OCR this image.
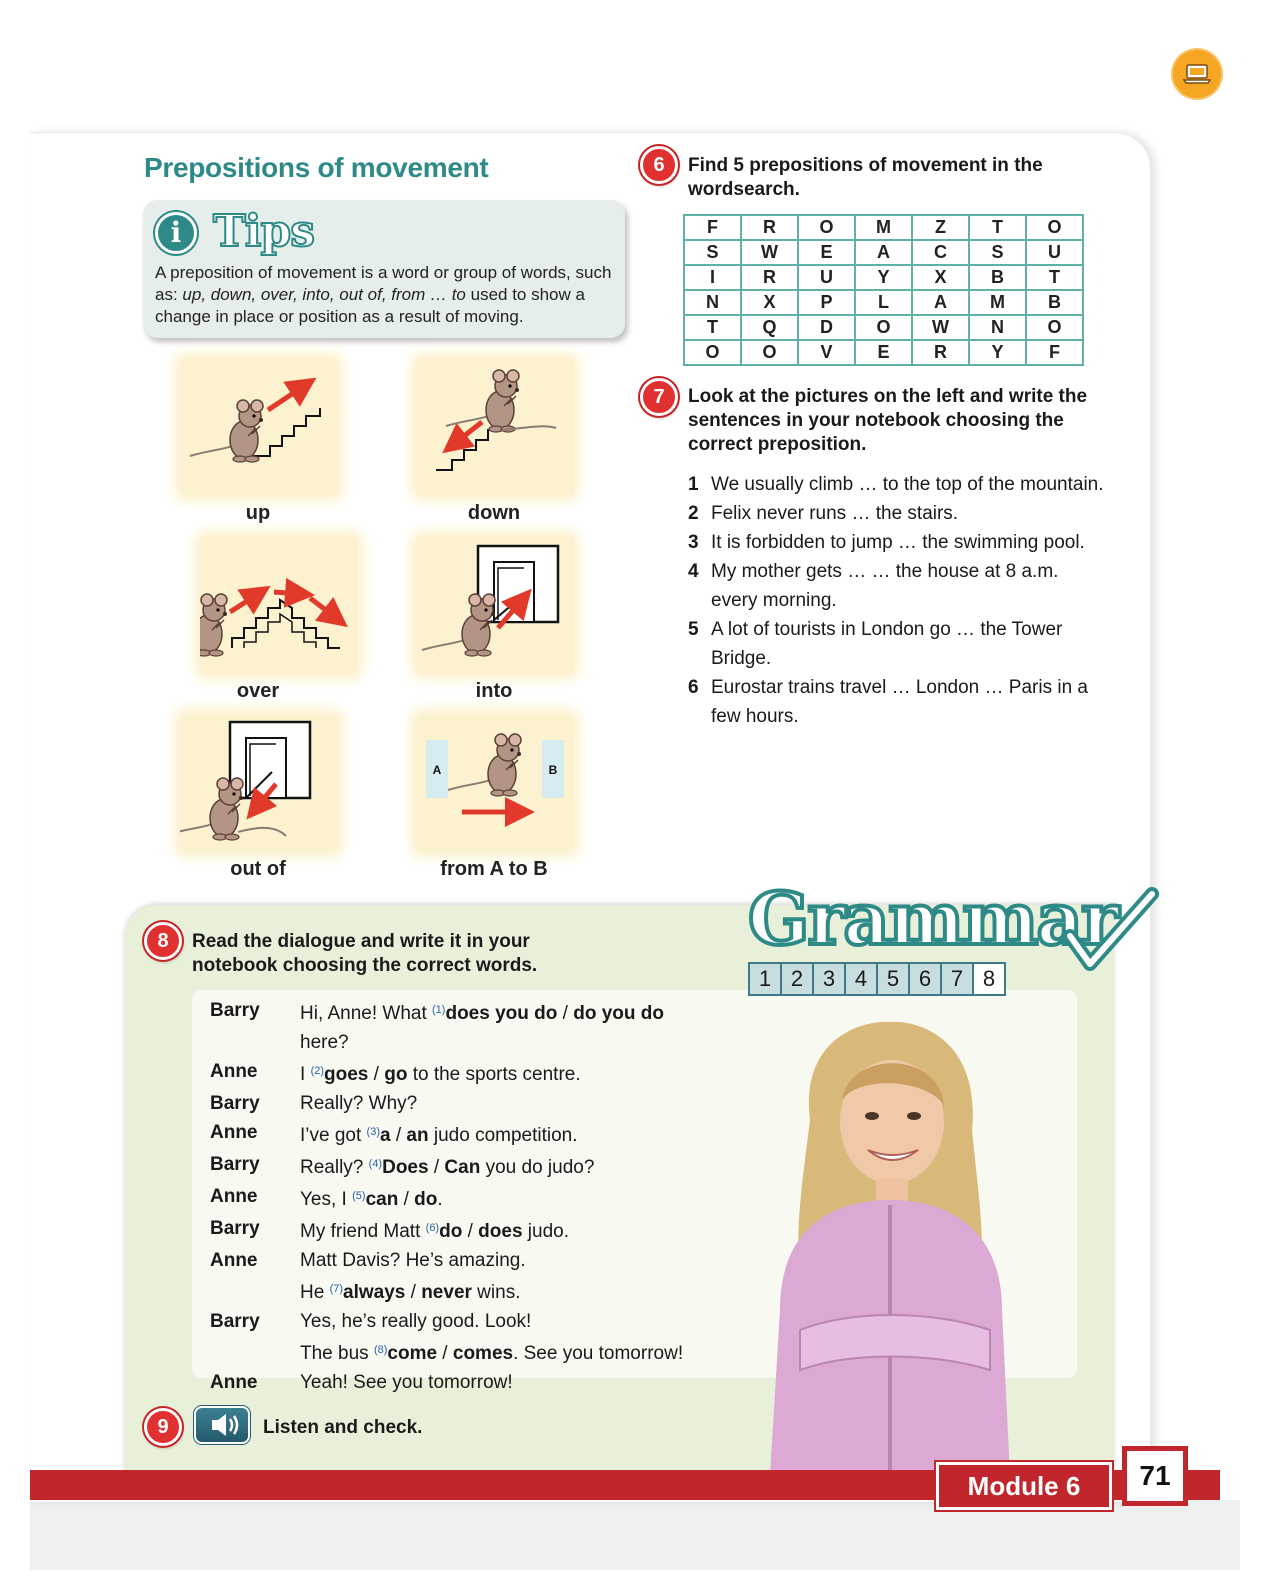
Prepositions of movement
i Tips
A preposition of movement is a word or group of words, such as: up, down, over, into, out of, from … to used to show a change in place or position as a result of moving.
up	down
over	into
out of
A	B
from A to B
6	Find 5 prepositions of movement in the wordsearch.
F	R	O	M	Z	T	O
S	W	E	A	C	S	U
I	R	U	Y	X	B	T
N	X	P	L	A	M	B
T	Q	D	O	W	N	O
O	O	V	E	R	Y	F
7	Look at the pictures on the left and write the sentences in your notebook choosing the correct preposition.
1 We usually climb … to the top of the mountain.
2 Felix never runs … the stairs.
3 It is forbidden to jump … the swimming pool.
4 My mother gets … … the house at 8 a.m. every morning.
5 A lot of tourists in London go … the Tower Bridge.
6 Eurostar trains travel … London … Paris in a few hours.
Grammar
1 2 3 4 5 6 7 8
8	Read the dialogue and write it in your notebook choosing the correct words.
Barry	Hi, Anne! What $^{(1)}$does you do / do you do
here?
Anne	I $^{(2)}$goes / go to the sports centre.
Barry	Really? Why?
Anne	I’ve got $^{(3)}$a / an judo competition.
Barry	Really? $^{(4)}$Does / Can you do judo?
Anne	Yes, I $^{(5)}$can / do.
Barry	My friend Matt $^{(6)}$do / does judo.
Anne	Matt Davis? He’s amazing.
He $^{(7)}$always / never wins.
Barry	Yes, he’s really good. Look!
The bus $^{(8)}$come / comes. See you tomorrow!
Anne	Yeah! See you tomorrow!
9	Listen and check.
Module 6	71
